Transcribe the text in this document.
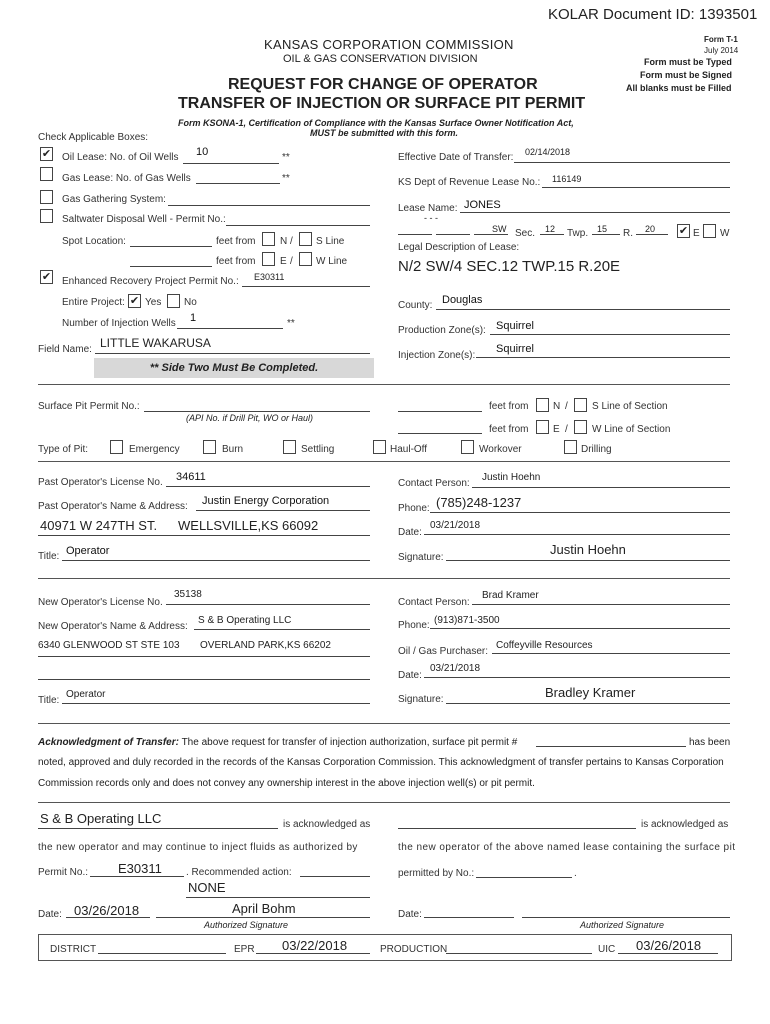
KOLAR Document ID: 1393501
KANSAS CORPORATION COMMISSION
OIL & GAS CONSERVATION DIVISION
REQUEST FOR CHANGE OF OPERATOR
TRANSFER OF INJECTION OR SURFACE PIT PERMIT
Form T-1
July 2014
Form must be Typed
Form must be Signed
All blanks must be Filled
Form KSONA-1, Certification of Compliance with the Kansas Surface Owner Notification Act,
MUST be submitted with this form.
Check Applicable Boxes:
✔ Oil Lease: No. of Oil Wells 10	**
Gas Lease: No. of Gas Wells	**
Gas Gathering System:
Saltwater Disposal Well - Permit No.:
Spot Location:	feet from N / S Line
feet from E / W Line
✔ Enhanced Recovery Project Permit No.: E30311
Entire Project: ✔ Yes No
Number of Injection Wells 1	**
Field Name: LITTLE WAKARUSA
** Side Two Must Be Completed.
Effective Date of Transfer: 02/14/2018
KS Dept of Revenue Lease No.: 116149
Lease Name: JONES
- - -
SW Sec. 12 Twp. 15 R. 20 ✔ E W
Legal Description of Lease:
N/2 SW/4 SEC.12 TWP.15 R.20E
County: Douglas
Production Zone(s): Squirrel
Injection Zone(s):
Squirrel
Surface Pit Permit No.:
(API No. if Drill Pit, WO or Haul)
feet from N / S Line of Section
feet from E / W Line of Section
Type of Pit:	Emergency	Burn	Settling	Haul-Off	Workover	Drilling
Past Operator's License No. 34611
Past Operator's Name & Address: Justin Energy Corporation
40971 W 247TH ST. WELLSVILLE,KS 66092
Title: Operator
Contact Person:
Justin Hoehn
Phone: (785)248-1237
Date:
03/21/2018
Signature:
Justin Hoehn
New Operator's License No.
35138
New Operator's Name & Address:
S & B Operating LLC
6340 GLENWOOD ST STE 103 OVERLAND PARK,KS 66202
Title:
Operator
Contact Person:
Brad Kramer
Phone: (913)871-3500
Oil / Gas Purchaser:
Coffeyville Resources
Date:
03/21/2018
Signature:	Bradley Kramer
Acknowledgment of Transfer: The above request for transfer of injection authorization, surface pit permit #	has been
noted, approved and duly recorded in the records of the Kansas Corporation Commission. This acknowledgment of transfer pertains to Kansas Corporation
Commission records only and does not convey any ownership interest in the above injection well(s) or pit permit.
S & B Operating LLC	is acknowledged as
the new operator and may continue to inject fluids as authorized by
Permit No.: E30311 . Recommended action:
NONE
Date: 03/26/2018	April Bohm
Authorized Signature
is acknowledged as
the new operator of the above named lease containing the surface pit
permitted by No.:	.
Date:
Authorized Signature
DISTRICT	EPR 03/22/2018	PRODUCTION	UIC 03/26/2018
